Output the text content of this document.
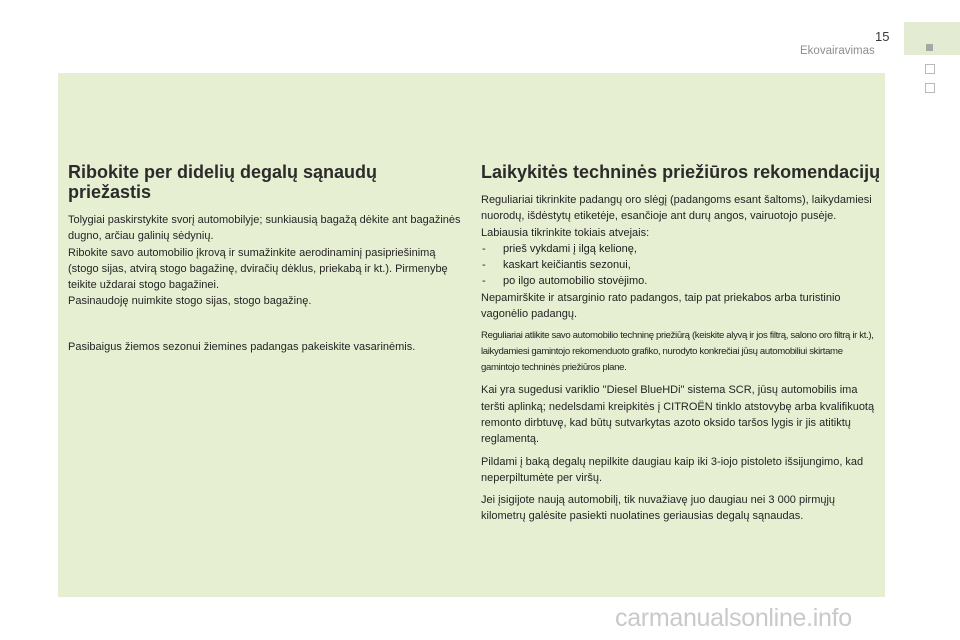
15
Ekovairavimas
Ribokite per didelių degalų sąnaudų priežastis

Tolygiai paskirstykite svorį automobilyje; sunkiausią bagažą dėkite ant bagažinės dugno, arčiau galinių sėdynių.

Ribokite savo automobilio įkrovą ir sumažinkite aerodinaminį pasipriešinimą (stogo sijas, atvirą stogo bagažinę, dviračių dėklus, priekabą ir kt.). Pirmenybę teikite uždarai stogo bagažinei.

Pasinaudoję nuimkite stogo sijas, stogo bagažinę.

Pasibaigus žiemos sezonui žiemines padangas pakeiskite vasarinėmis.

Laikykitės techninės priežiūros rekomendacijų

Reguliariai tikrinkite padangų oro slėgį (padangoms esant šaltoms), laikydamiesi nuorodų, išdėstytų etiketėje, esančioje ant durų angos, vairuotojo pusėje.

Labiausia tikrinkite tokiais atvejais:

- prieš vykdami į ilgą kelionę,
- kaskart keičiantis sezonui,
- po ilgo automobilio stovėjimo.

Nepamirškite ir atsarginio rato padangos, taip pat priekabos arba turistinio vagonėlio padangų.

Reguliariai atlikite savo automobilio techninę priežiūrą (keiskite alyvą ir jos filtrą, salono oro filtrą ir kt.), laikydamiesi gamintojo rekomenduoto grafiko, nurodyto konkrečiai jūsų automobiliui skirtame gamintojo techninės priežiūros plane.

Kai yra sugedusi variklio "Diesel BlueHDi" sistema SCR, jūsų automobilis ima teršti aplinką; nedelsdami kreipkitės į CITROËN tinklo atstovybę arba kvalifikuotą remonto dirbtuvę, kad būtų sutvarkytas azoto oksido taršos lygis ir jis atitiktų reglamentą.

Pildami į baką degalų nepilkite daugiau kaip iki 3-iojo pistoleto išsijungimo, kad neperpiltumėte per viršų.

Jei įsigijote naują automobilį, tik nuvažiavę juo daugiau nei 3 000 pirmųjų kilometrų galėsite pasiekti nuolatines geriausias degalų sąnaudas.

carmanualsonline.info
